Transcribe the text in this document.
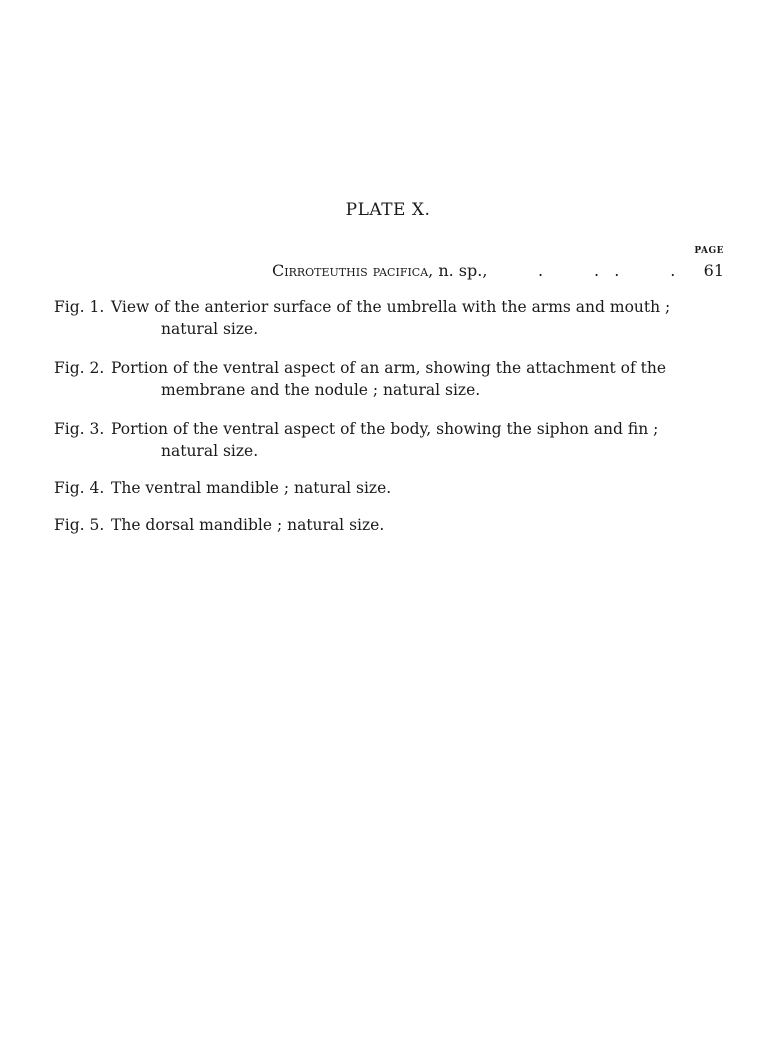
PLATE X.
PAGE
Cirroteuthis pacifica, n. sp.,	.          .   .          . 61
Fig. 1. View of the anterior surface of the umbrella with the arms and mouth ;
natural size.
Fig. 2. Portion of the ventral aspect of an arm, showing the attachment of the
membrane and the nodule ; natural size.
Fig. 3. Portion of the ventral aspect of the body, showing the siphon and fin ;
natural size.
Fig. 4. The ventral mandible ; natural size.
Fig. 5. The dorsal mandible ; natural size.
